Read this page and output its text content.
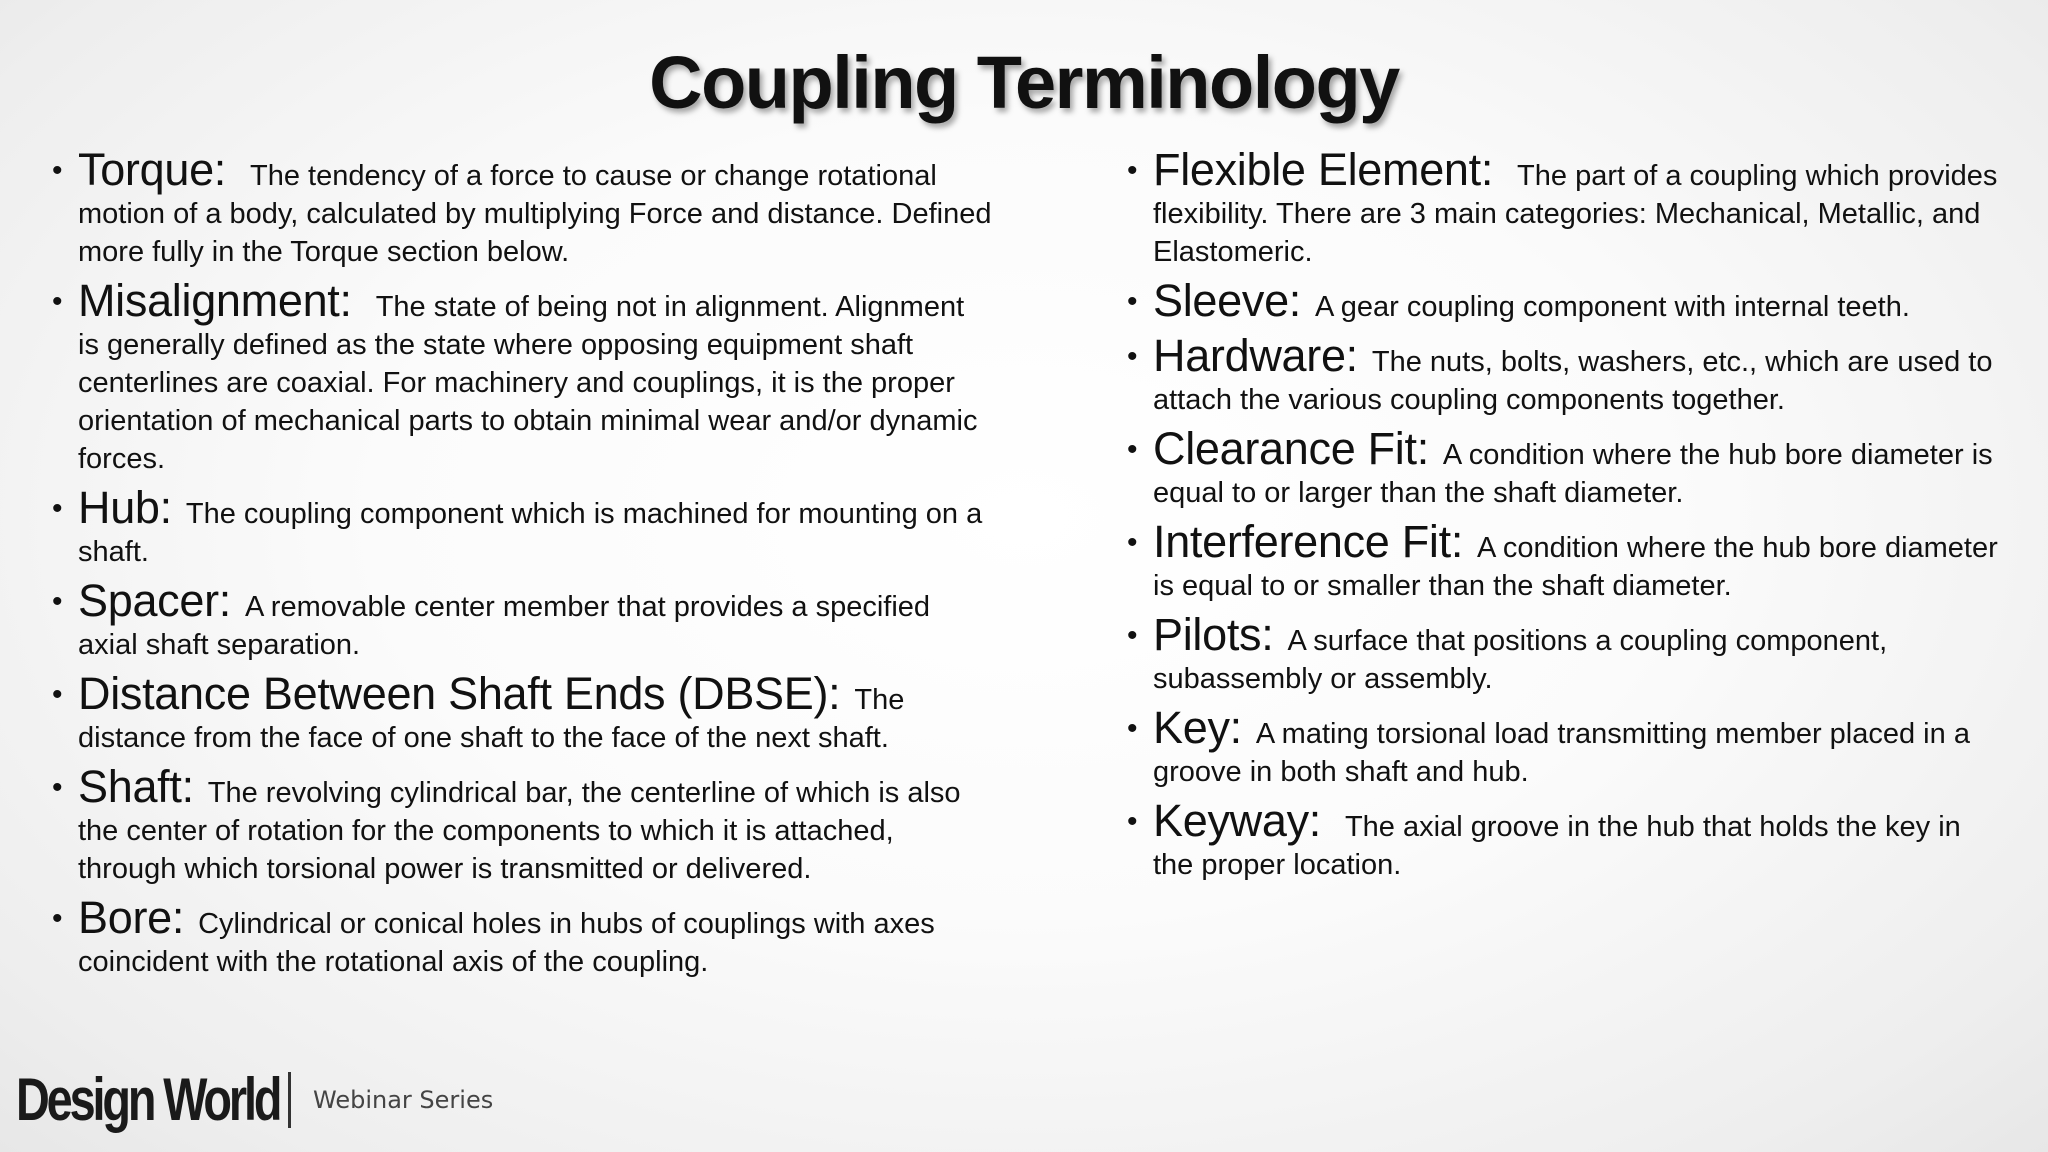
Coupling Terminology
• Torque: The tendency of a force to cause or change rotational motion of a body, calculated by multiplying Force and distance. Defined more fully in the Torque section below.
• Misalignment: The state of being not in alignment. Alignment is generally defined as the state where opposing equipment shaft centerlines are coaxial. For machinery and couplings, it is the proper orientation of mechanical parts to obtain minimal wear and/or dynamic forces.
• Hub: The coupling component which is machined for mounting on a shaft.
• Spacer: A removable center member that provides a specified axial shaft separation.
• Distance Between Shaft Ends (DBSE): The distance from the face of one shaft to the face of the next shaft.
• Shaft: The revolving cylindrical bar, the centerline of which is also the center of rotation for the components to which it is attached, through which torsional power is transmitted or delivered.
• Bore: Cylindrical or conical holes in hubs of couplings with axes coincident with the rotational axis of the coupling.
• Flexible Element: The part of a coupling which provides flexibility. There are 3 main categories: Mechanical, Metallic, and Elastomeric.
• Sleeve: A gear coupling component with internal teeth.
• Hardware: The nuts, bolts, washers, etc., which are used to attach the various coupling components together.
• Clearance Fit: A condition where the hub bore diameter is equal to or larger than the shaft diameter.
• Interference Fit: A condition where the hub bore diameter is equal to or smaller than the shaft diameter.
• Pilots: A surface that positions a coupling component, subassembly or assembly.
• Key: A mating torsional load transmitting member placed in a groove in both shaft and hub.
• Keyway: The axial groove in the hub that holds the key in the proper location.
Design World Webinar Series
